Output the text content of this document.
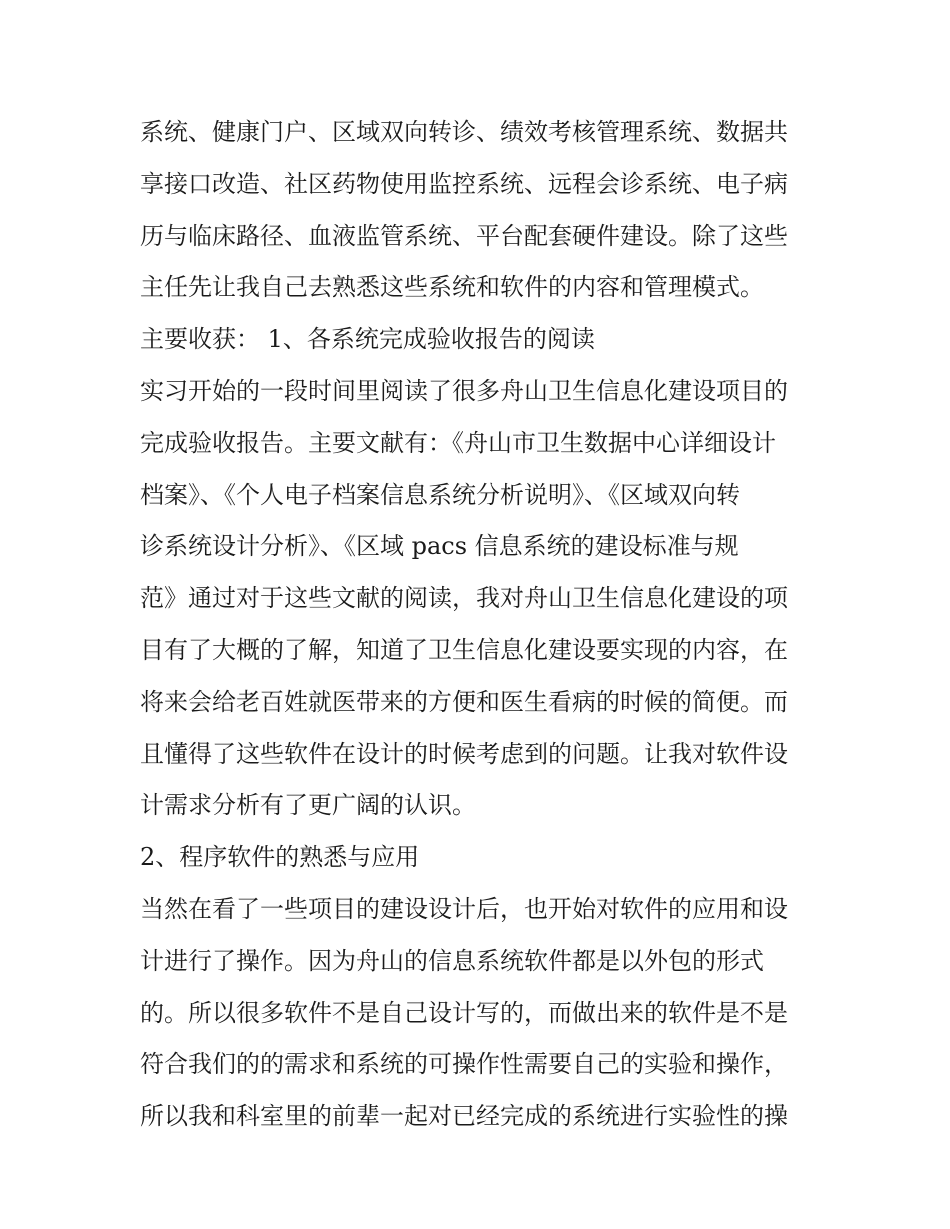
系统、健康门户、区域双向转诊、绩效考核管理系统、数据共
享接口改造、社区药物使用监控系统、远程会诊系统、电子病
历与临床路径、血液监管系统、平台配套硬件建设。除了这些
主任先让我自己去熟悉这些系统和软件的内容和管理模式。
主要收获： 1、各系统完成验收报告的阅读
实习开始的一段时间里阅读了很多舟山卫生信息化建设项目的
完成验收报告。主要文献有：《舟山市卫生数据中心详细设计
档案》、《个人电子档案信息系统分析说明》、《区域双向转
诊系统设计分析》、《区域 pacs 信息系统的建设标准与规
范》通过对于这些文献的阅读，我对舟山卫生信息化建设的项
目有了大概的了解，知道了卫生信息化建设要实现的内容，在
将来会给老百姓就医带来的方便和医生看病的时候的简便。而
且懂得了这些软件在设计的时候考虑到的问题。让我对软件设
计需求分析有了更广阔的认识。
2、程序软件的熟悉与应用
当然在看了一些项目的建设设计后，也开始对软件的应用和设
计进行了操作。因为舟山的信息系统软件都是以外包的形式
的。所以很多软件不是自己设计写的，而做出来的软件是不是
符合我们的的需求和系统的可操作性需要自己的实验和操作，
所以我和科室里的前辈一起对已经完成的系统进行实验性的操
